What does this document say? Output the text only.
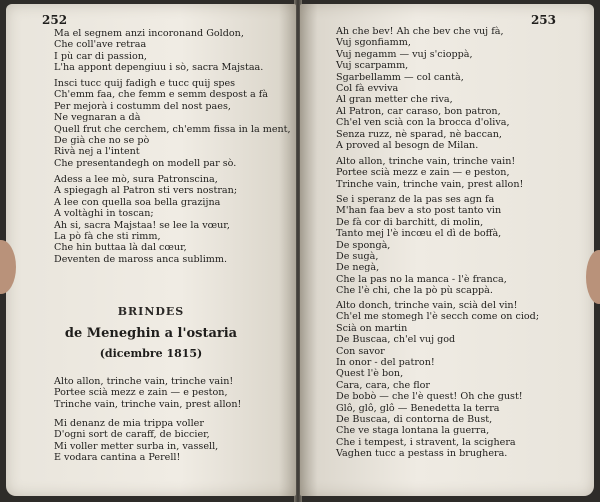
252
Ma el segnem anzi incoronand Goldon,
Che coll'ave retraa
I pù car di passion,
L'ha appont depengiuu i sò, sacra Majstaa.
Insci tucc quij fadigh e tucc quij spes
Ch'emm faa, che femm e semm despost a fà
Per mejorà i costumm del nost paes,
Ne vegnaran a dà
Quell frut che cerchem, ch'emm fissa in la ment,
De già che no se pò
Rivà nej a l'intent
Che presentandegh on modell par sò.
Adess a lee mò, sura Patronscina,
A spiegagh al Patron sti vers nostran;
A lee con quella soa bella grazijna
A voltàghi in toscan;
Ah si, sacra Majstaa! se lee la vœur,
La pò fà che sti rimm,
Che hin buttaa là dal cœur,
Deventen de maross anca sublimm.
BRINDES
de Meneghin a l'ostaria
(dicembre 1815)
Alto allon, trinche vain, trinche vain!
Portee scià mezz e zain — e peston,
Trinche vain, trinche vain, prest allon!
Mi denanz de mia trippa voller
D'ogni sort de caraff, de biccier,
Mi voller metter surba in, vassell,
E vodara cantina a Perell!
253
Ah che bev! Ah che bev che vuj fà,
Vuj sgonfiamm,
Vuj negamm — vuj s'cioppà,
Vuj scarpamm,
Sgarbellamm — col cantà,
Col fà evviva
Al gran metter che riva,
Al Patron, car caraso, bon patron,
Ch'el ven scià con la brocca d'oliva,
Senza ruzz, nè sparad, nè baccan,
A proved al besogn de Milan.
Alto allon, trinche vain, trinche vain!
Portee scià mezz e zain — e peston,
Trinche vain, trinche vain, prest allon!
Se i speranz de la pas ses agn fa
M'han faa bev a sto post tanto vin
De fà cor di barchitt, di molin,
Tanto mej l'è incœu el dì de boffà,
De spongà,
De sugà,
De negà,
Che la pas no la manca - l'è franca,
Che l'è chi, che la pò pù scappà.
Alto donch, trinche vain, scià del vin!
Ch'el me stomegh l'è secch come on ciod;
Scià on martin
De Buscaa, ch'el vuj god
Con savor
In onor - del patron!
Quest l'è bon,
Cara, cara, che flor
De bobò — che l'è quest! Oh che gust!
Glô, glô, glô — Benedetta la terra
De Buscaa, di contorna de Bust,
Che ve staga lontana la guerra,
Che i tempest, i stravent, la scighera
Vaghen tucc a pestass in brughera.
